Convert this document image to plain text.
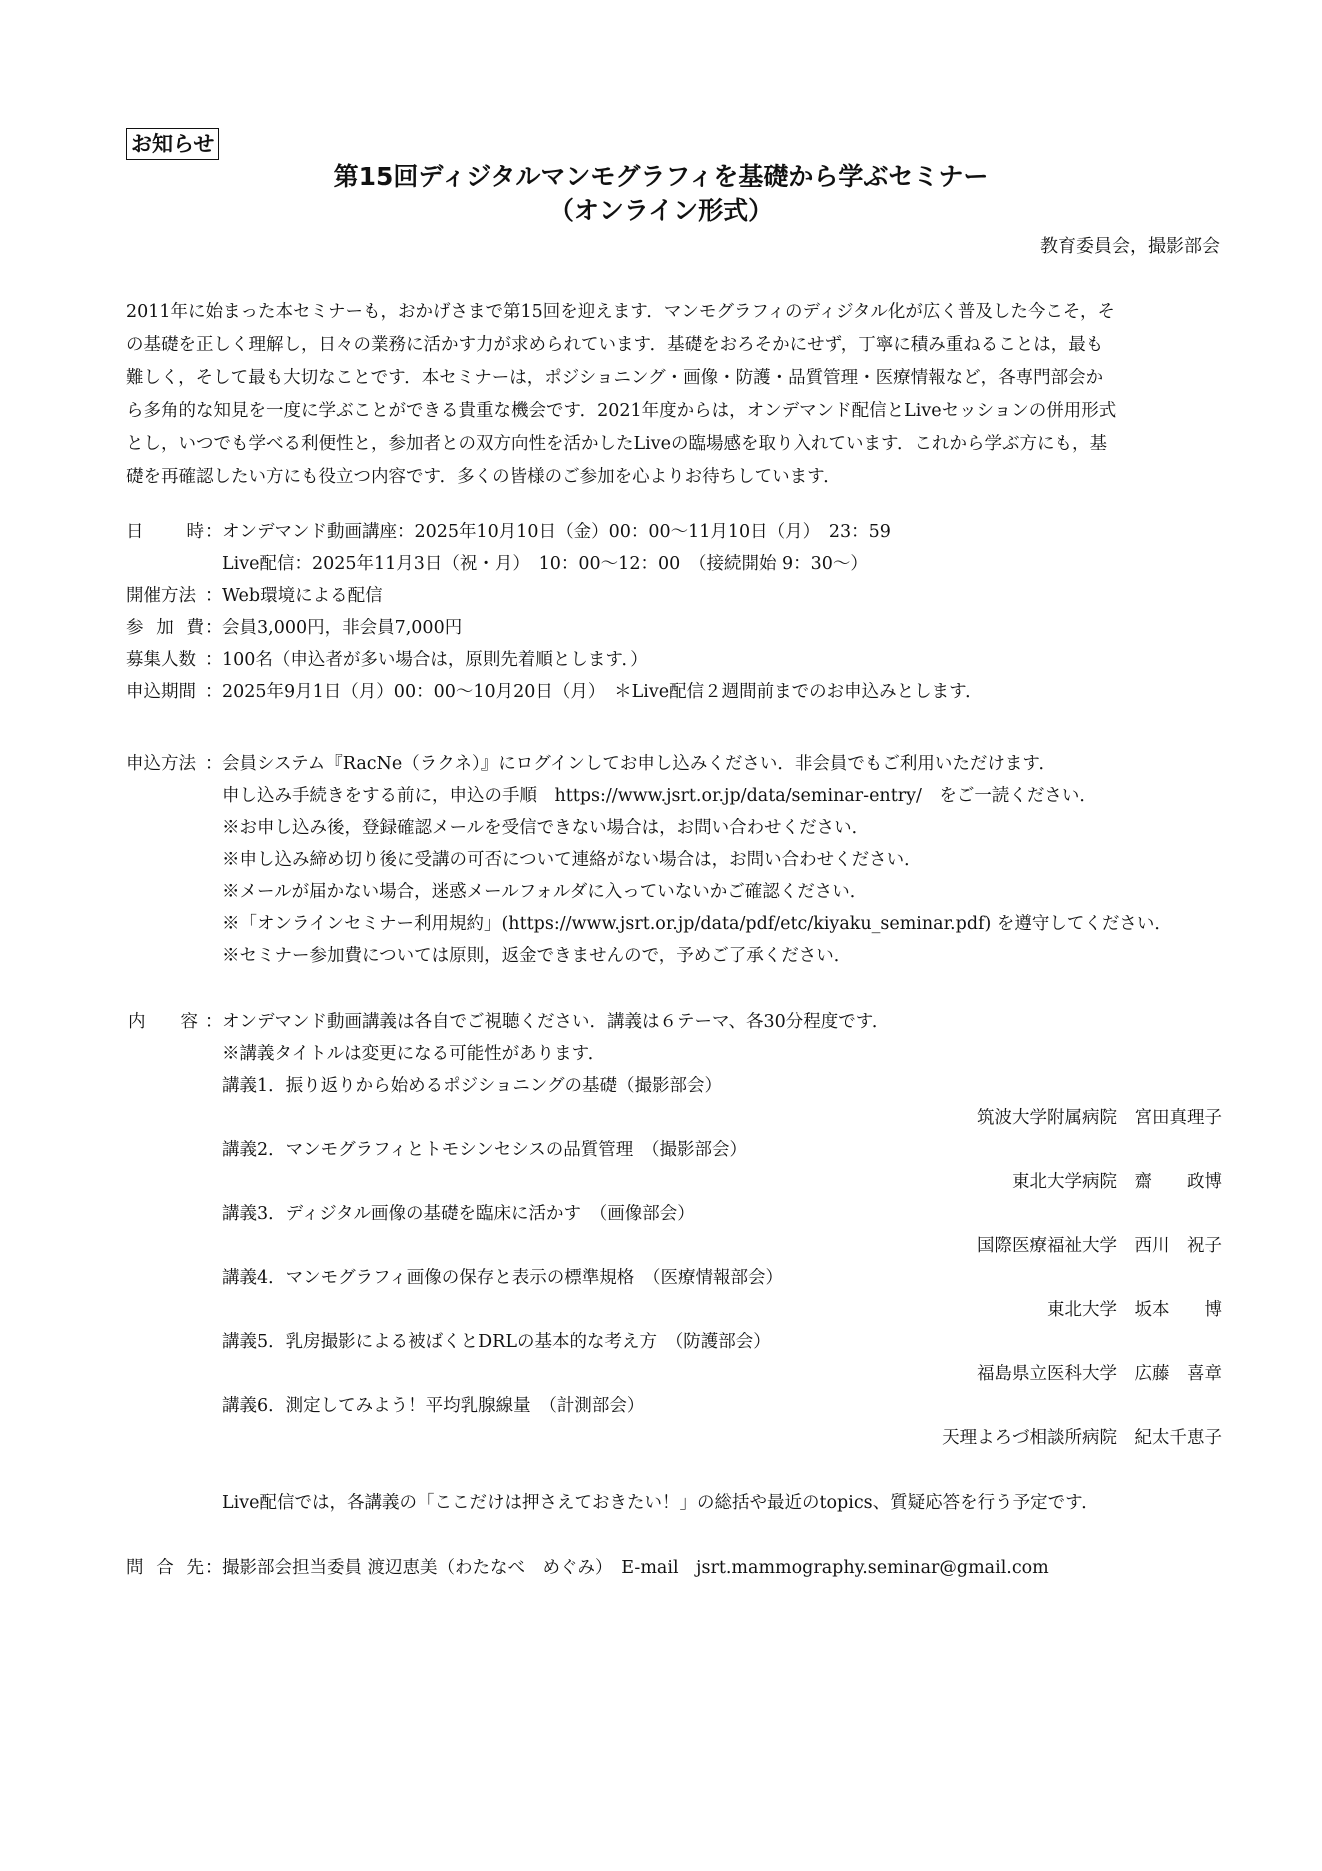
お知らせ
第15回ディジタルマンモグラフィを基礎から学ぶセミナー
（オンライン形式）
教育委員会，撮影部会
2011年に始まった本セミナーも，おかげさまで第15回を迎えます．マンモグラフィのディジタル化が広く普及した今こそ，そ
の基礎を正しく理解し，日々の業務に活かす力が求められています．基礎をおろそかにせず，丁寧に積み重ねることは，最も
難しく，そして最も大切なことです．本セミナーは，ポジショニング・画像・防護・品質管理・医療情報など，各専門部会か
ら多角的な知見を一度に学ぶことができる貴重な機会です．2021年度からは，オンデマンド配信とLiveセッションの併用形式
とし，いつでも学べる利便性と，参加者との双方向性を活かしたLiveの臨場感を取り入れています．これから学ぶ方にも，基
礎を再確認したい方にも役立つ内容です．多くの皆様のご参加を心よりお待ちしています．
日 時 ： オンデマンド動画講座：2025年10月10日（金）00：00〜11月10日（月）　23：59
Live配信：2025年11月3日（祝・月）　10：00〜12：00　（接続開始 9：30〜）
開催方法 ： Web環境による配信
参 加 費 ： 会員3,000円，非会員7,000円
募集人数 ： 100名（申込者が多い場合は，原則先着順とします．）
申込期間 ： 2025年9月1日（月）00：00〜10月20日（月）　＊Live配信２週間前までのお申込みとします．
申込方法 ： 会員システム『RacNe（ラクネ）』にログインしてお申し込みください．非会員でもご利用いただけます．
申し込み手続きをする前に，申込の手順　https://www.jsrt.or.jp/data/seminar-entry/　をご一読ください．
※お申し込み後，登録確認メールを受信できない場合は，お問い合わせください．
※申し込み締め切り後に受講の可否について連絡がない場合は，お問い合わせください．
※メールが届かない場合，迷惑メールフォルダに入っていないかご確認ください．
※「オンラインセミナー利用規約」(https://www.jsrt.or.jp/data/pdf/etc/kiyaku_seminar.pdf) を遵守してください．
※セミナー参加費については原則，返金できませんので，予めご了承ください．
内 容 ： オンデマンド動画講義は各自でご視聴ください．講義は６テーマ、各30分程度です．
※講義タイトルは変更になる可能性があります．
講義1．振り返りから始めるポジショニングの基礎（撮影部会）
筑波大学附属病院　宮田真理子
講義2．マンモグラフィとトモシンセシスの品質管理　（撮影部会）
東北大学病院　齋　　政博
講義3．ディジタル画像の基礎を臨床に活かす　（画像部会）
国際医療福祉大学　西川　祝子
講義4．マンモグラフィ画像の保存と表示の標準規格　（医療情報部会）
東北大学　坂本　　博
講義5．乳房撮影による被ばくとDRLの基本的な考え方　（防護部会）
福島県立医科大学　広藤　喜章
講義6．測定してみよう！平均乳腺線量　（計測部会）
天理よろづ相談所病院　紀太千恵子
Live配信では，各講義の「ここだけは押さえておきたい！」の総括や最近のtopics、質疑応答を行う予定です．
問 合 先 ： 撮影部会担当委員 渡辺恵美（わたなべ　めぐみ）　E-mail　jsrt.mammography.seminar@gmail.com
